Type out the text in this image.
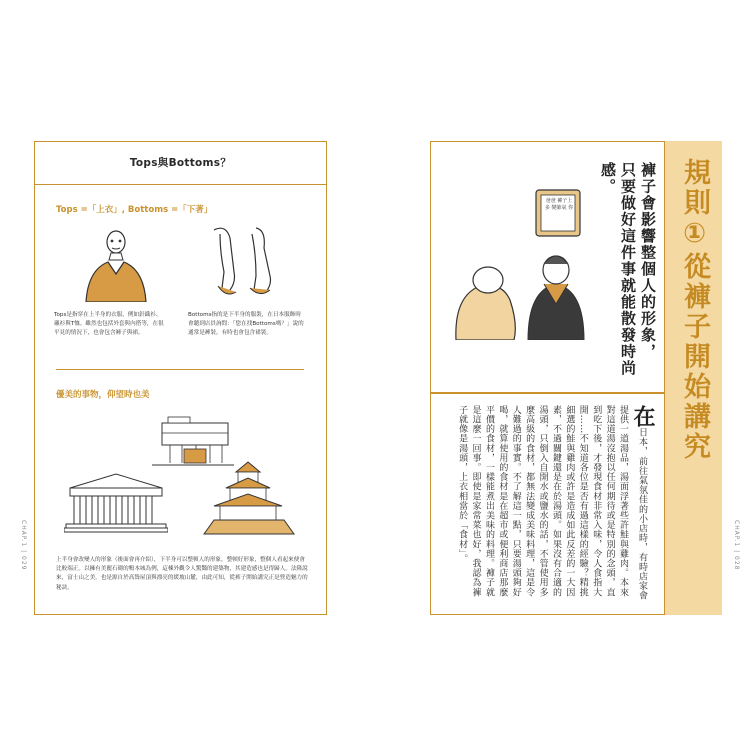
Tops與Bottoms？
Tops =「上衣」, Bottoms =「下著」
Tops是指穿在上半身的衣服，例如針織衫、襯衫與T恤。雖然也包括外套與內搭等，在很平見的情況下，也會包含褲子與裙。
Bottoms指的是下半身的服裝，在日本服飾時會聽到店員詢問：「您在找Bottoms嗎？」說的通常是褲裝，有時也會包含裙裝。
優美的事物，仰望時也美
上半身會改變人的形象（後面會再介紹），下半身可以整頓人的形象，整頓好形象，整個人看起來便會比較端正。以擁有美麗石砌的鴨本城為例，這棟外觀令人驚豔的建築物，其建造感也是得歸人。法隆說來，富士山之美，也是源自於高聳屋頂與漂亮的緩坡山麓，由此可知，從裤子開始講究正是營造魅力的秘訣。
CHAP.1 | 029
規則①從褲子開始講究
褲子會影響整個人的形象，
只要做好這件事就能散發時尚感。
爸爸 褲子上多 變帥氣 你
在日本，前往氣氛佳的小店時，有時店家會提供一道湯品，湯面浮著些許鮭與雞肉。本來對這道湯沒抱以任何期待或是特別的念頭，直到吃下後，才發現食材非常入味，令人食指大開……不知道各位是否有過這樣的經驗？精挑細選的鮭與雞肉或許是造成如此反差的一大因素，不過關鍵還是在於湯頭。如果沒有合適的湯頭，只倒入自開水或鹽水的話，不管使用多麼高級的食材，都無法變成美味料理，這是令人難過的事實。不了解這一點，只要湯頭夠好喝，就算使用的食材是在超市或便利商店那麼平價的食材，一樣能煮出美味的料理。褲子就是這麼一回事。即使是家常菜也好，我認為褲子就像是湯頭，上衣相當於「食材」。	CHAP.1 | 028
